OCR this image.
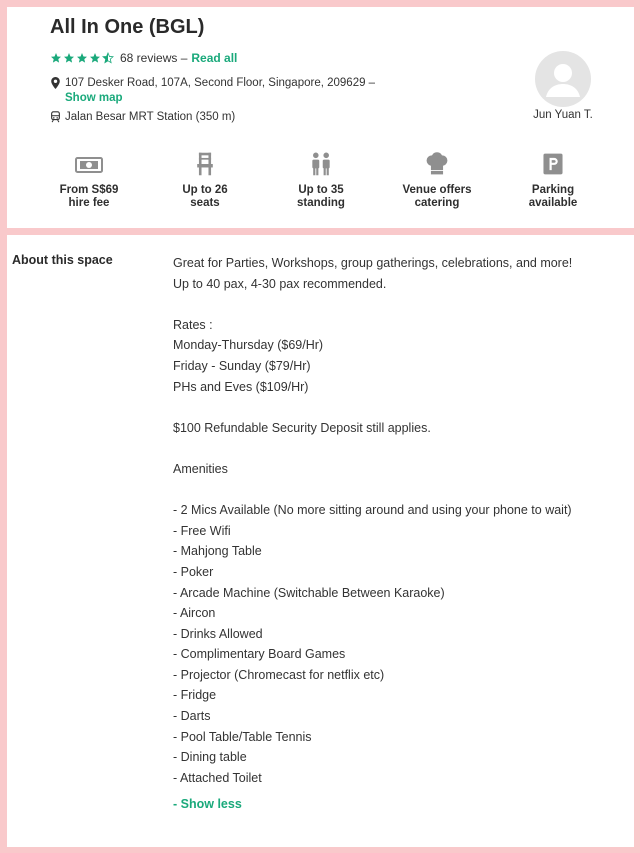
All In One (BGL)
68 reviews – Read all
107 Desker Road, 107A, Second Floor, Singapore, 209629 –
Show map
Jalan Besar MRT Station (350 m)	Jun Yuan T.
From S$69
hire fee
Up to 26
seats
Up to 35
standing
Venue offers
catering
Parking
available
About this space	Great for Parties, Workshops, group gatherings, celebrations, and more!
Up to 40 pax, 4-30 pax recommended.
Rates :
Monday-Thursday ($69/Hr)
Friday - Sunday ($79/Hr)
PHs and Eves ($109/Hr)
$100 Refundable Security Deposit still applies.
Amenities
- 2 Mics Available (No more sitting around and using your phone to wait)
- Free Wifi
- Mahjong Table
- Poker
- Arcade Machine (Switchable Between Karaoke)
- Aircon
- Drinks Allowed
- Complimentary Board Games
- Projector (Chromecast for netflix etc)
- Fridge
- Darts
- Pool Table/Table Tennis
- Dining table
- Attached Toilet
- Show less
